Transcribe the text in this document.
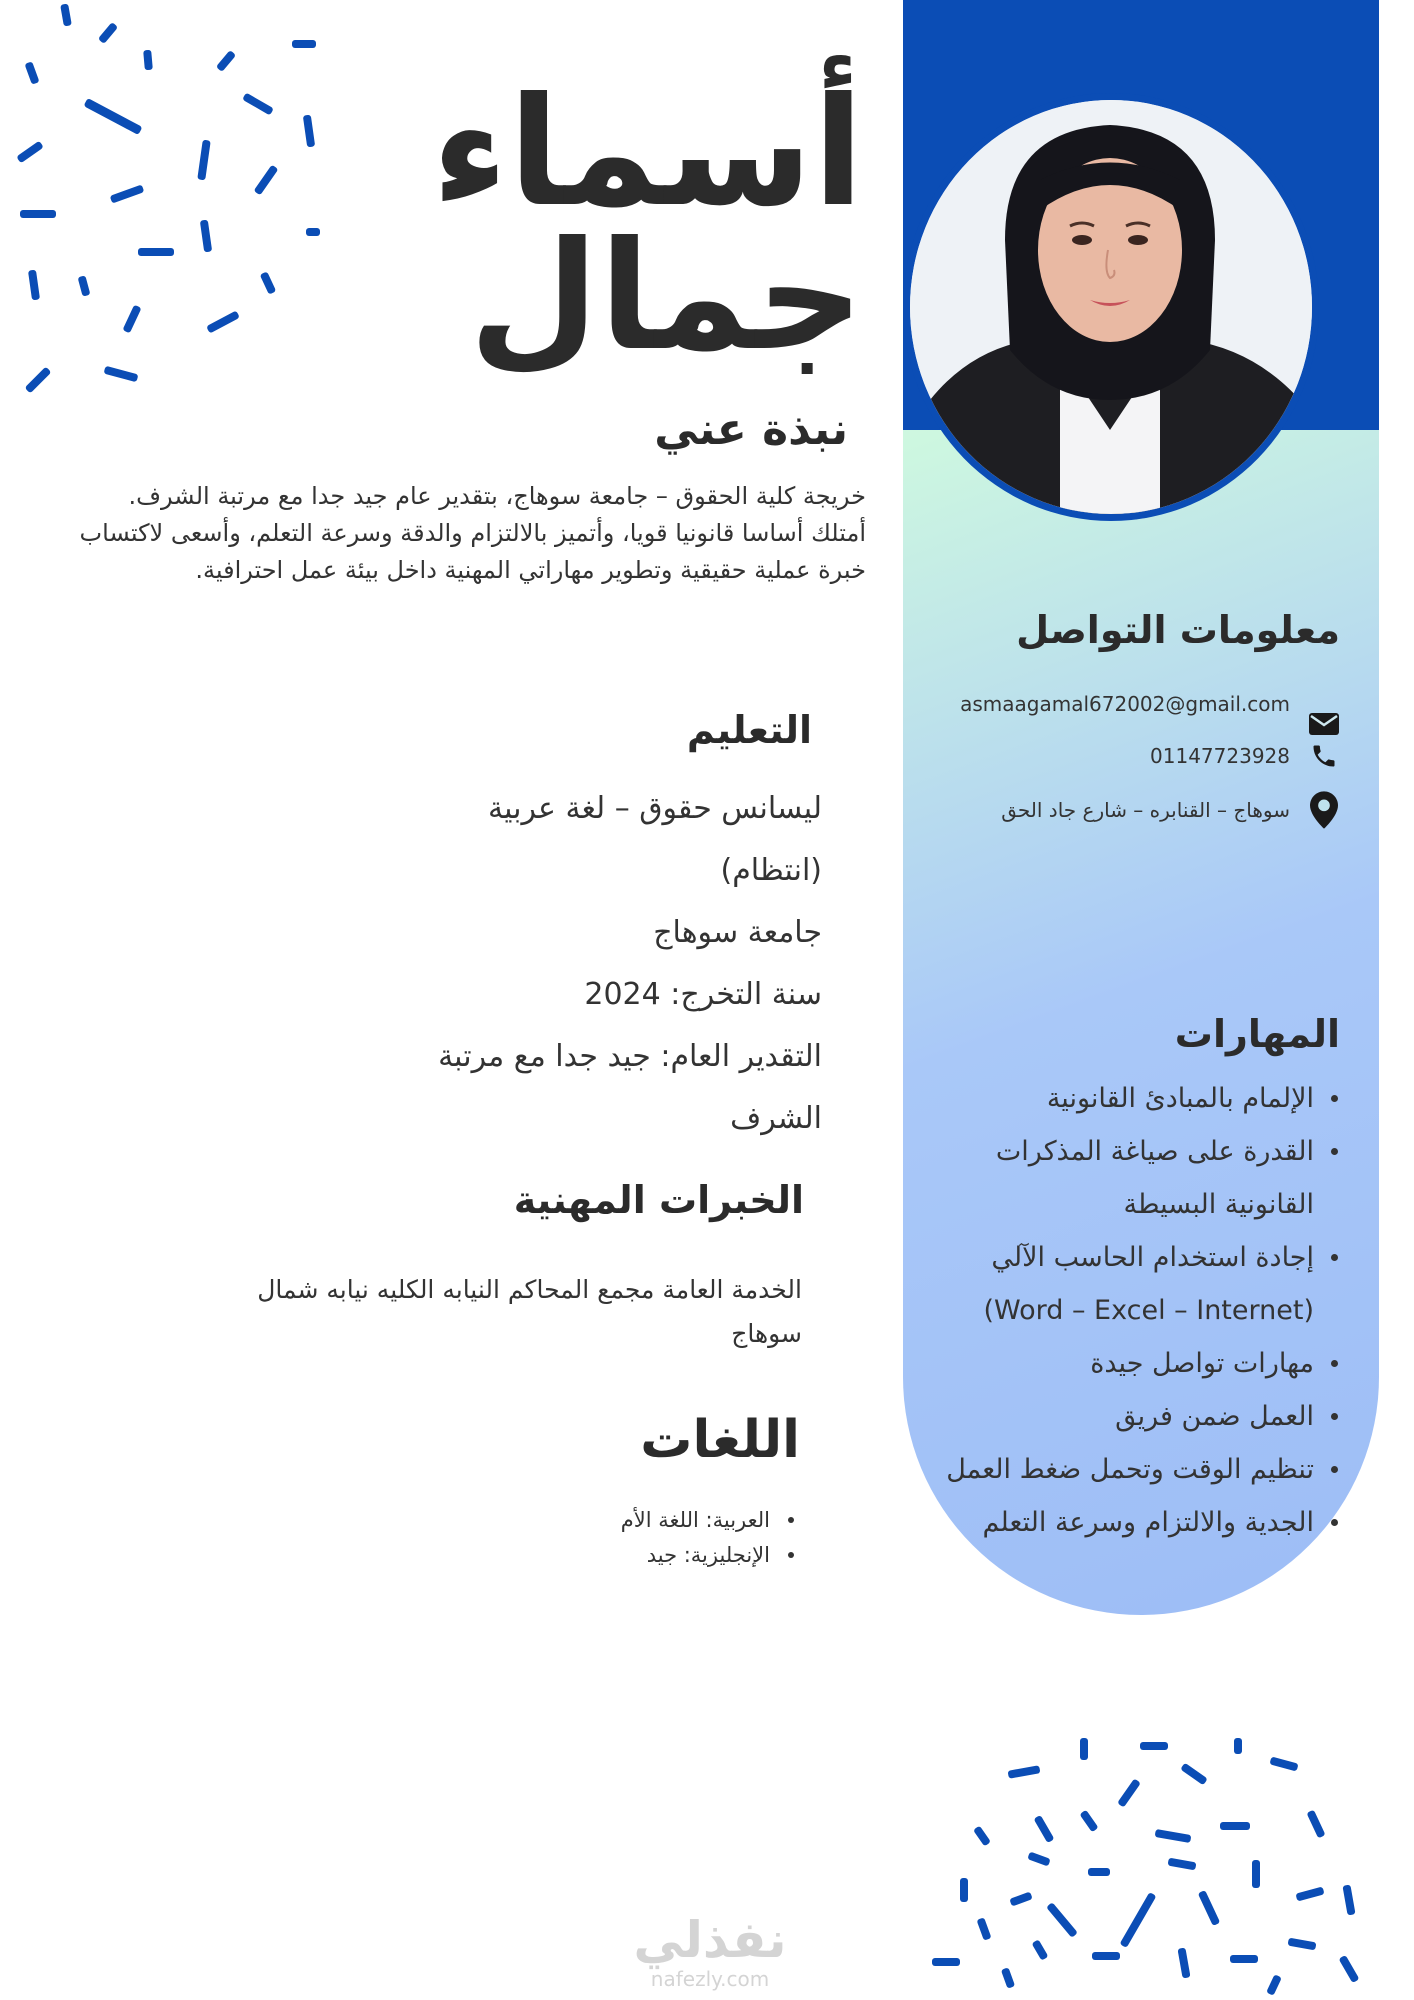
أسماء
جمال
نبذة عني
خريجة كلية الحقوق – جامعة سوهاج، بتقدير عام جيد جدا مع مرتبة الشرف. أمتلك أساسا قانونيا قويا، وأتميز بالالتزام والدقة وسرعة التعلم، وأسعى لاكتساب خبرة عملية حقيقية وتطوير مهاراتي المهنية داخل بيئة عمل احترافية.
التعليم
ليسانس حقوق – لغة عربية
(انتظام)
جامعة سوهاج
سنة التخرج: 2024
التقدير العام: جيد جدا مع مرتبة
الشرف
الخبرات المهنية
الخدمة العامة مجمع المحاكم النيابه الكليه نيابه شمال سوهاج
اللغات
العربية: اللغة الأم
الإنجليزية: جيد
معلومات التواصل
asmaagamal672002@gmail.com
01147723928
سوهاج – القنابره – شارع جاد الحق
المهارات
الإلمام بالمبادئ القانونية
القدرة على صياغة المذكرات القانونية البسيطة
إجادة استخدام الحاسب الآلي (Word – Excel – Internet)
مهارات تواصل جيدة
العمل ضمن فريق
تنظيم الوقت وتحمل ضغط العمل
الجدية والالتزام وسرعة التعلم
نفذلي
nafezly.com
